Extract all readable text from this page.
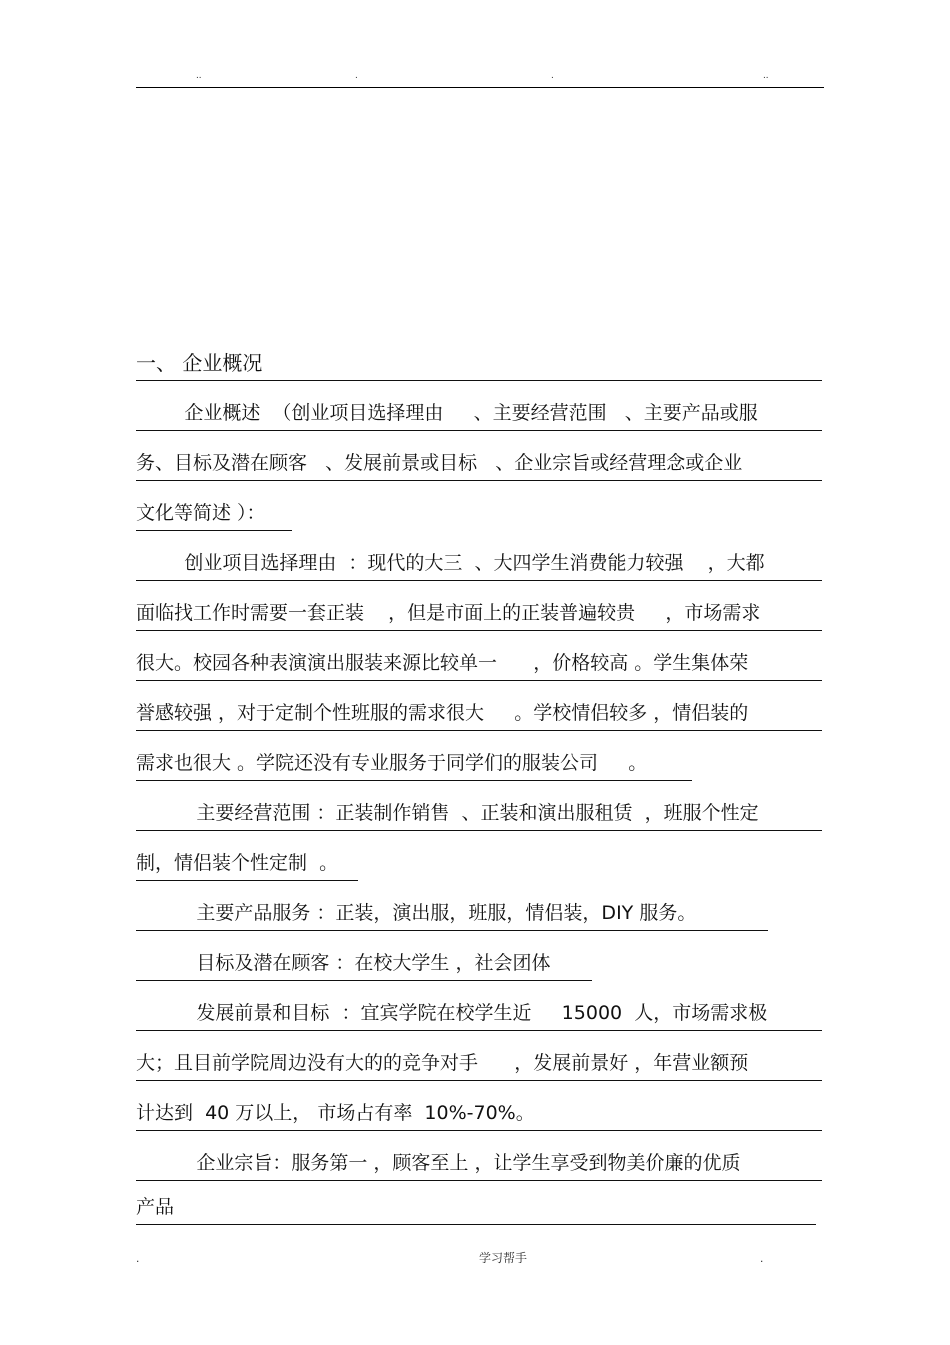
..	.	.	..
一、 企业概况
企业概述  （创业项目选择理由     、主要经营范围   、主要产品或服
务、目标及潜在顾客   、发展前景或目标   、企业宗旨或经营理念或企业
文化等简述 ）：
创业项目选择理由  ：现代的大三  、大四学生消费能力较强    ，大都
面临找工作时需要一套正装    ，但是市面上的正装普遍较贵     ，市场需求
很大。校园各种表演演出服装来源比较单一      ，价格较高 。学生集体荣
誉感较强 ，对于定制个性班服的需求很大     。学校情侣较多 ，情侣装的
需求也很大 。学院还没有专业服务于同学们的服装公司     。
主要经营范围 ：正装制作销售  、正装和演出服租赁  ，班服个性定
制，情侣装个性定制  。
主要产品服务 ：正装，演出服，班服，情侣装，DIY 服务。
目标及潜在顾客 ：在校大学生 ，社会团体
发展前景和目标  ：宜宾学院在校学生近     15000  人，市场需求极
大；且目前学院周边没有大的的竞争对手      ，发展前景好 ，年营业额预
计达到  40 万以上， 市场占有率  10%-70%。
企业宗旨：服务第一 ，顾客至上 ，让学生享受到物美价廉的优质
产品
.	学习帮手	.
